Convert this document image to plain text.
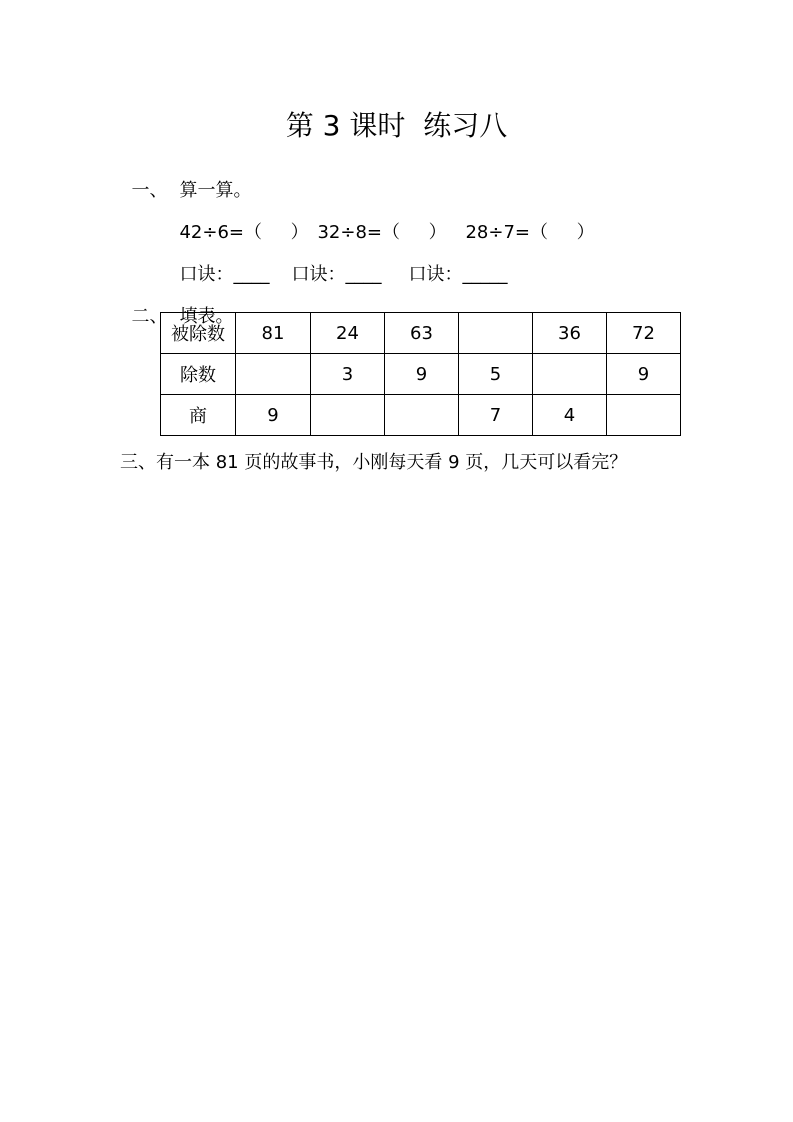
第 3 课时  练习八

一、 算一算。

42÷6=（     ） 32÷8=（     ） 28÷7=（     ）

口诀：____ 口诀：____ 口诀：_____

二、 填表。

被除数	81	24	63		36	72
除数		3	9	5		9
商	9			7	4	
三、有一本 81 页的故事书，小刚每天看 9 页，几天可以看完？
